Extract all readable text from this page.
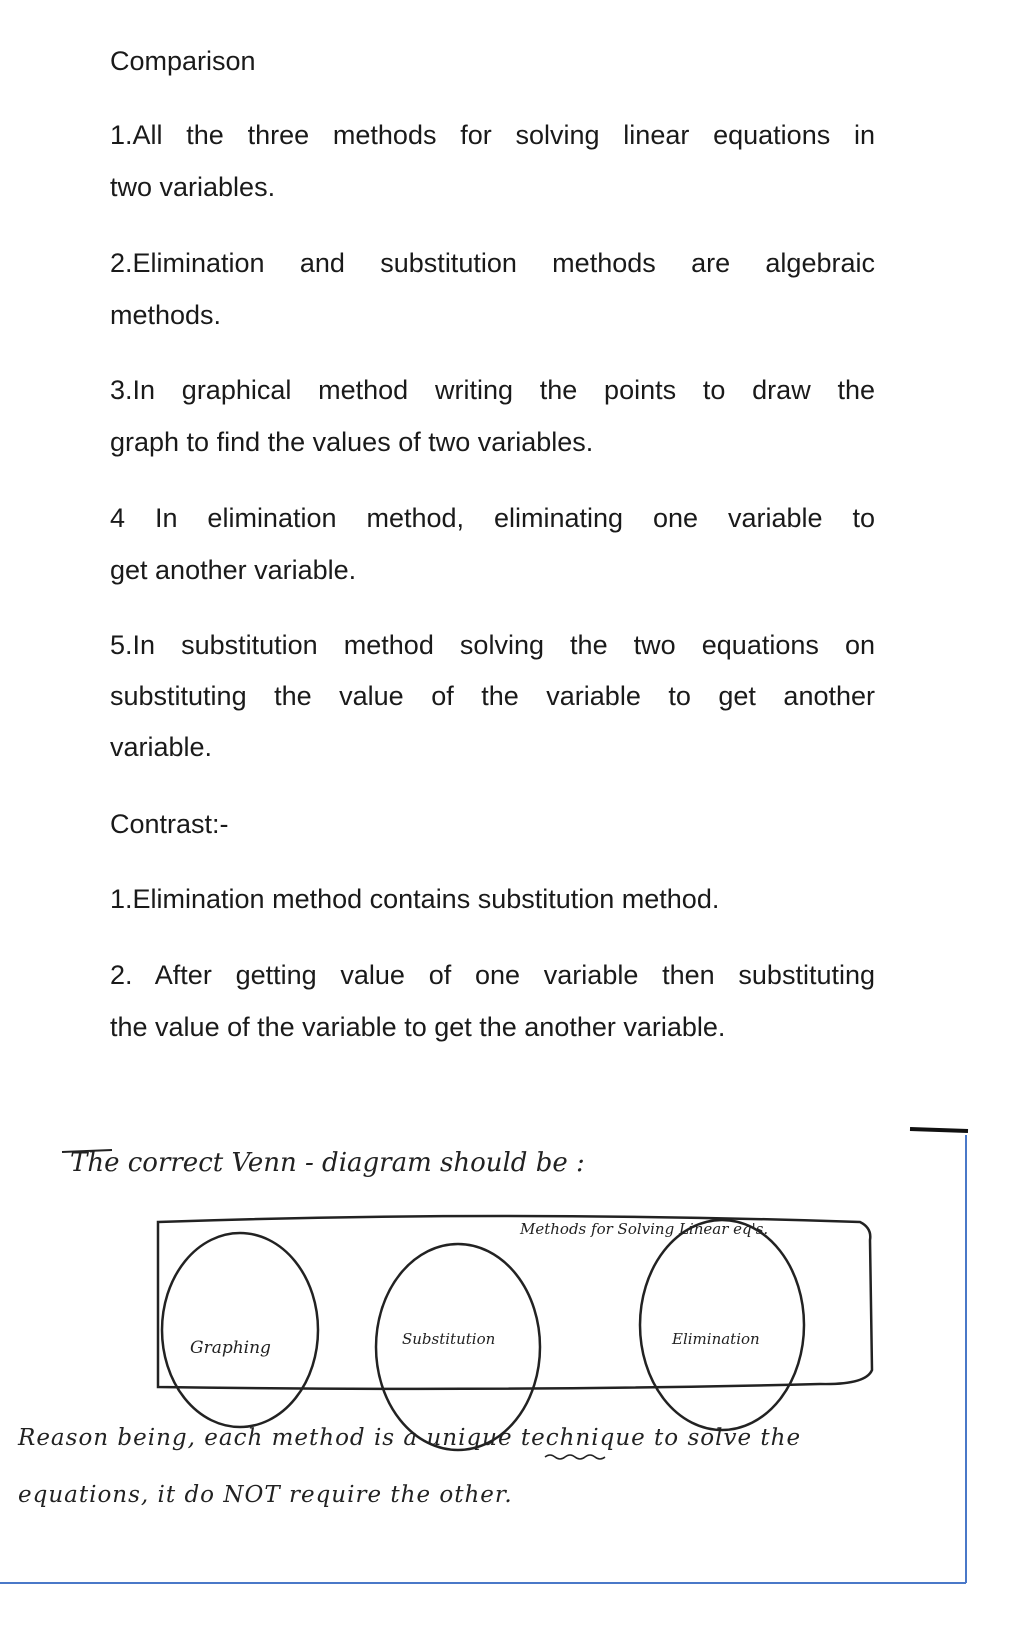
Comparison
1.All the three methods for solving linear equations in
two variables.
2.Elimination and substitution methods are algebraic
methods.
3.In graphical method writing the points to draw the
graph to find the values of two variables.
4 In elimination method, eliminating one variable to
get another variable.
5.In substitution method solving the two equations on
substituting the value of the variable to get another
variable.
Contrast:-
1.Elimination method contains substitution method.
2. After getting value of one variable then substituting
the value of the variable to get the another variable.
The correct Venn - diagram should be :
Methods for Solving Linear eq's.
Graphing	Substitution	Elimination
Reason being, each method is a unique technique to solve the
equations, it do NOT require the other.
